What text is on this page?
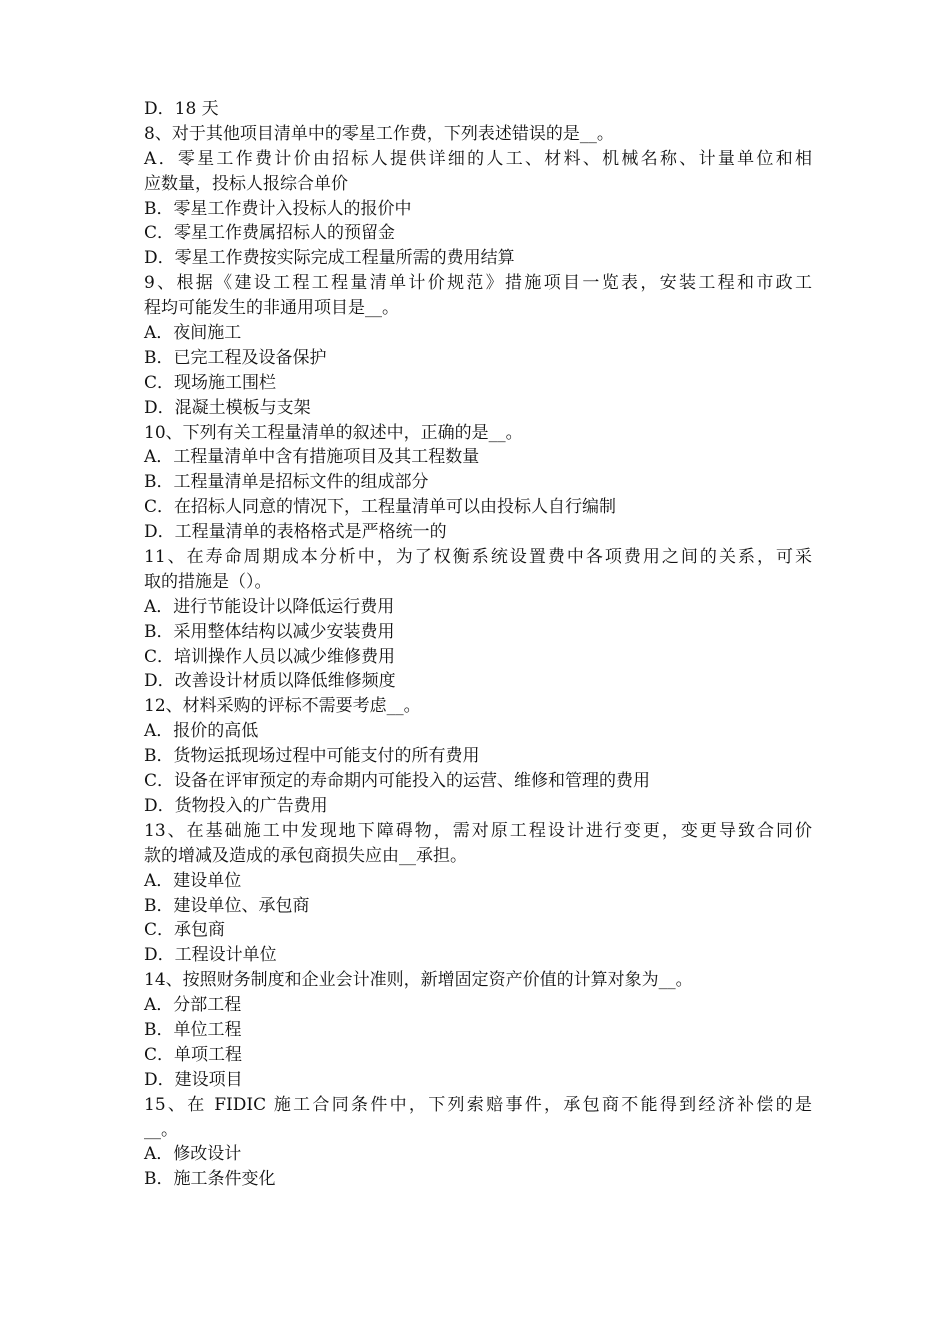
D．18 天
8、对于其他项目清单中的零星工作费，下列表述错误的是__。
A．零星工作费计价由招标人提供详细的人工、材料、机械名称、计量单位和相
应数量，投标人报综合单价
B．零星工作费计入投标人的报价中
C．零星工作费属招标人的预留金
D．零星工作费按实际完成工程量所需的费用结算
9、根据《建设工程工程量清单计价规范》措施项目一览表，安装工程和市政工
程均可能发生的非通用项目是__。
A．夜间施工
B．已完工程及设备保护
C．现场施工围栏
D．混凝土模板与支架
10、下列有关工程量清单的叙述中，正确的是__。
A．工程量清单中含有措施项目及其工程数量
B．工程量清单是招标文件的组成部分
C．在招标人同意的情况下，工程量清单可以由投标人自行编制
D．工程量清单的表格格式是严格统一的
11、在寿命周期成本分析中，为了权衡系统设置费中各项费用之间的关系，可采
取的措施是（）。
A．进行节能设计以降低运行费用
B．采用整体结构以减少安装费用
C．培训操作人员以减少维修费用
D．改善设计材质以降低维修频度
12、材料采购的评标不需要考虑__。
A．报价的高低
B．货物运抵现场过程中可能支付的所有费用
C．设备在评审预定的寿命期内可能投入的运营、维修和管理的费用
D．货物投入的广告费用
13、在基础施工中发现地下障碍物，需对原工程设计进行变更，变更导致合同价
款的增减及造成的承包商损失应由__承担。
A．建设单位
B．建设单位、承包商
C．承包商
D．工程设计单位
14、按照财务制度和企业会计准则，新增固定资产价值的计算对象为__。
A．分部工程
B．单位工程
C．单项工程
D．建设项目
15、在 FIDIC 施工合同条件中，下列索赔事件，承包商不能得到经济补偿的是
__。
A．修改设计
B．施工条件变化
